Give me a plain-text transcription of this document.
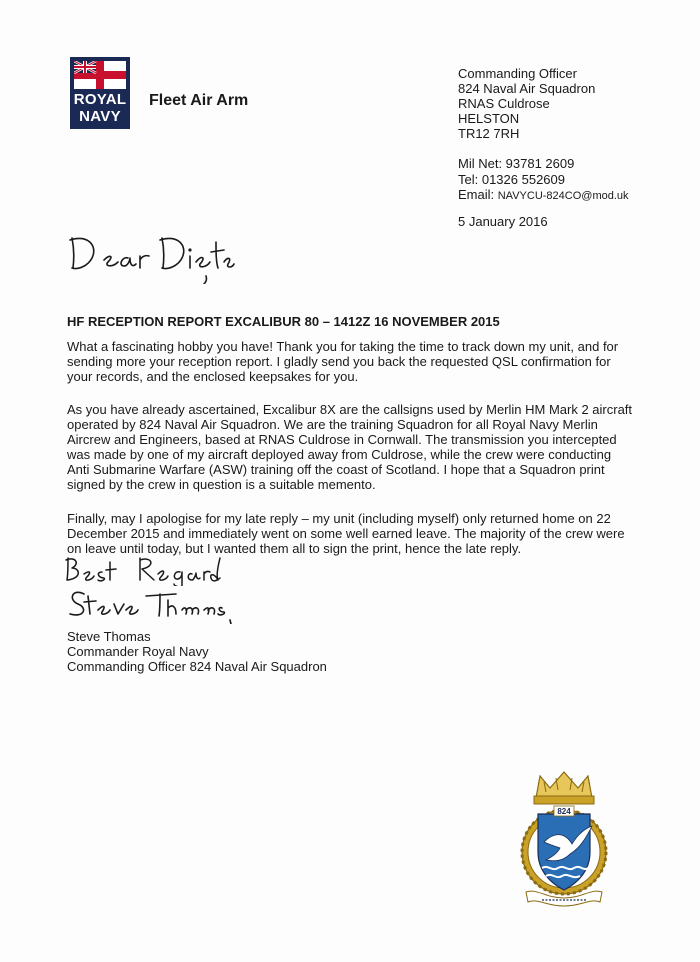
ROYAL
NAVY
Fleet Air Arm
Commanding Officer
824 Naval Air Squadron
RNAS Culdrose
HELSTON
TR12 7RH
Mil Net: 93781 2609
Tel: 01326 552609
Email: NAVYCU-824CO@mod.uk
5 January 2016
HF RECEPTION REPORT EXCALIBUR 80 – 1412Z 16 NOVEMBER 2015
What a fascinating hobby you have! Thank you for taking the time to track down my unit, and for
sending more your reception report. I gladly send you back the requested QSL confirmation for
your records, and the enclosed keepsakes for you.
As you have already ascertained, Excalibur 8X are the callsigns used by Merlin HM Mark 2 aircraft
operated by 824 Naval Air Squadron. We are the training Squadron for all Royal Navy Merlin
Aircrew and Engineers, based at RNAS Culdrose in Cornwall. The transmission you intercepted
was made by one of my aircraft deployed away from Culdrose, while the crew were conducting
Anti Submarine Warfare (ASW) training off the coast of Scotland. I hope that a Squadron print
signed by the crew in question is a suitable memento.
Finally, may I apologise for my late reply – my unit (including myself) only returned home on 22
December 2015 and immediately went on some well earned leave. The majority of the crew were
on leave until today, but I wanted them all to sign the print, hence the late reply.
Steve Thomas
Commander Royal Navy
Commanding Officer 824 Naval Air Squadron
824
